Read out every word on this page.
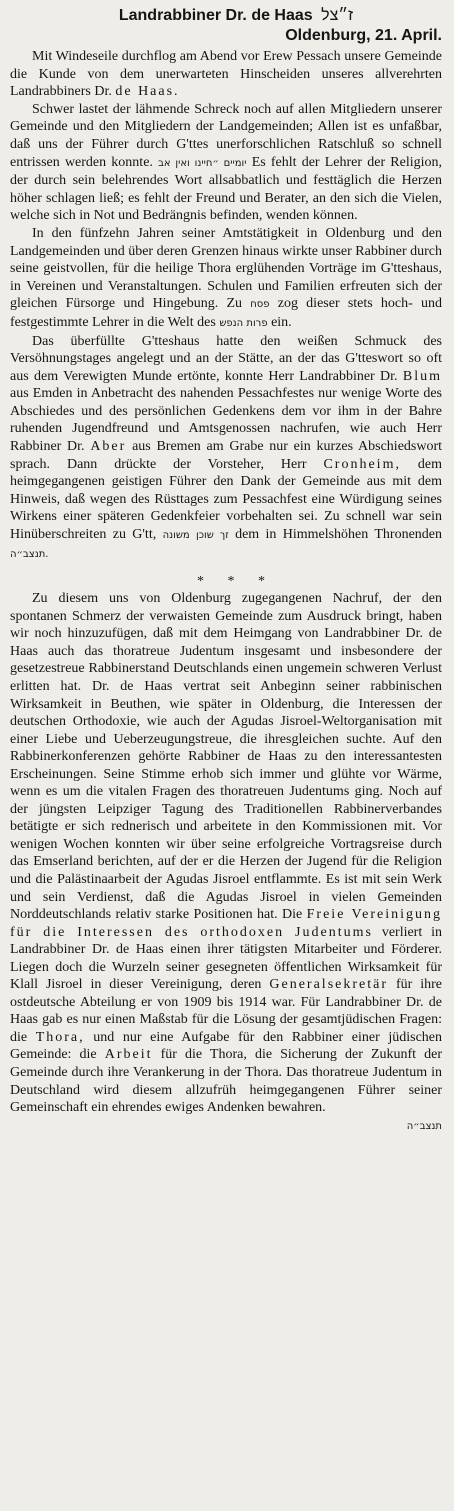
Landrabbiner Dr. de Haas ז״צל
Oldenburg, 21. April.

Mit Windeseile durchflog am Abend vor Erew Pessach unsere Gemeinde die Kunde von dem unerwarteten Hinscheiden unseres allverehrten Landrabbiners Dr. de Haas.

Schwer lastet der lähmende Schreck noch auf allen Mitgliedern unserer Gemeinde und den Mitgliedern der Landgemeinden; Allen ist es unfaßbar, daß uns der Führer durch G'ttes unerforschlichen Ratschluß so schnell entrissen werden konnte. יומיים ״חיינו ואין אב Es fehlt der Lehrer der Religion, der durch sein belehrendes Wort allsabbatlich und festtäglich die Herzen höher schlagen ließ; es fehlt der Freund und Berater, an den sich die Vielen, welche sich in Not und Bedrängnis befinden, wenden können.

In den fünfzehn Jahren seiner Amtstätigkeit in Oldenburg und den Landgemeinden und über deren Grenzen hinaus wirkte unser Rabbiner durch seine geistvollen, für die heilige Thora erglühenden Vorträge im G'tteshaus, in Vereinen und Veranstaltungen. Schulen und Familien erfreuten sich der gleichen Fürsorge und Hingebung. Zu פסח zog dieser stets hoch- und festgestimmte Lehrer in die Welt des פרות הנפש ein.

Das überfüllte G'tteshaus hatte den weißen Schmuck des Versöhnungstages angelegt und an der Stätte, an der das G'tteswort so oft aus dem Verewigten Munde ertönte, konnte Herr Landrabbiner Dr. Blum aus Emden in Anbetracht des nahenden Pessachfestes nur wenige Worte des Abschiedes und des persönlichen Gedenkens dem vor ihm in der Bahre ruhenden Jugendfreund und Amtsgenossen nachrufen, wie auch Herr Rabbiner Dr. Aber aus Bremen am Grabe nur ein kurzes Abschiedswort sprach. Dann drückte der Vorsteher, Herr Cronheim, dem heimgegangenen geistigen Führer den Dank der Gemeinde aus mit dem Hinweis, daß wegen des Rüsttages zum Pessachfest eine Würdigung seines Wirkens einer späteren Gedenkfeier vorbehalten sei. Zu schnell war sein Hinüberschreiten zu G'tt,	זך שוכן משונה	dem in Himmelshöhen Thronenden תנצב״ה.

* * *

Zu diesem uns von Oldenburg zugegangenen Nachruf, der den spontanen Schmerz der verwaisten Gemeinde zum Ausdruck bringt, haben wir noch hinzuzufügen, daß mit dem Heimgang von Landrabbiner Dr. de Haas auch das thoratreue Judentum insgesamt und insbesondere der gesetzestreue Rabbinerstand Deutschlands einen ungemein schweren Verlust erlitten hat. Dr. de Haas vertrat seit Anbeginn seiner rabbinischen Wirksamkeit in Beuthen, wie später in Oldenburg, die Interessen der deutschen Orthodoxie, wie auch der Agudas Jisroel-Weltorganisation mit einer Liebe und Ueberzeugungstreue, die ihresgleichen suchte. Auf den Rabbinerkonferenzen gehörte Rabbiner de Haas zu den interessantesten Erscheinungen. Seine Stimme erhob sich immer und glühte vor Wärme, wenn es um die vitalen Fragen des thoratreuen Judentums ging. Noch auf der jüngsten Leipziger Tagung des Traditionellen Rabbinerverbandes betätigte er sich rednerisch und arbeitete in den Kommissionen mit. Vor wenigen Wochen konnten wir über seine erfolgreiche Vortragsreise durch das Emserland berichten, auf der er die Herzen der Jugend für die Religion und die Palästinaarbeit der Agudas Jisroel entflammte. Es ist mit sein Werk und sein Verdienst, daß die Agudas Jisroel in vielen Gemeinden Norddeutschlands relativ starke Positionen hat. Die Freie Vereinigung für die Interessen des orthodoxen Judentums verliert in Landrabbiner Dr. de Haas einen ihrer tätigsten Mitarbeiter und Förderer. Liegen doch die Wurzeln seiner gesegneten öffentlichen Wirksamkeit für Klall Jisroel in dieser Vereinigung, deren Generalsekretär für ihre ostdeutsche Abteilung er von 1909 bis 1914 war. Für Landrabbiner Dr. de Haas gab es nur einen Maßstab für die Lösung der gesamtjüdischen Fragen: die Thora, und nur eine Aufgabe für den Rabbiner einer jüdischen Gemeinde: die Arbeit für die Thora, die Sicherung der Zukunft der Gemeinde durch ihre Verankerung in der Thora. Das thoratreue Judentum in Deutschland wird diesem allzufrüh heimgegangenen Führer seiner Gemeinschaft ein ehrendes ewiges Andenken bewahren.

תנצב״ה
